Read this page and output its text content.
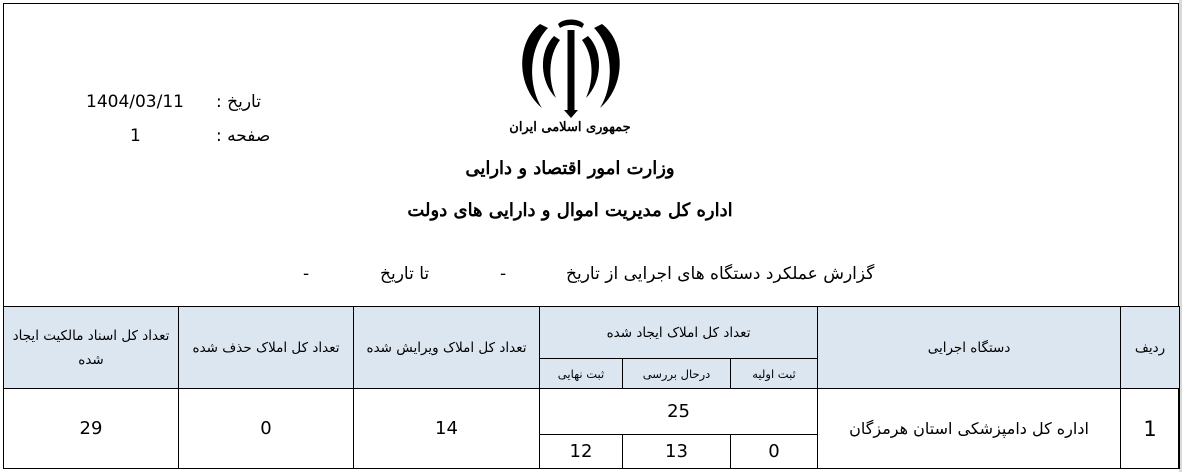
1404/03/11 تاریخ :
1	صفحه :	جمهوری اسلامی ایران
وزارت امور اقتصاد و دارایی
اداره کل مدیریت اموال و دارایی های دولت
گزارش عملکرد دستگاه های اجرایی از تاریخ
-
تا تاریخ
-
تعداد کل اسناد مالکیت ایجاد شده	تعداد کل املاک حذف شده	تعداد کل املاک ویرایش شده	تعداد کل املاک ایجاد شده			دستگاه اجرایی	ردیف
			ثبت نهایی	درحال بررسی	ثبت اولیه		
29	0	14	25			اداره کل دامپزشکی استان هرمزگان	1
			12	13	0		
